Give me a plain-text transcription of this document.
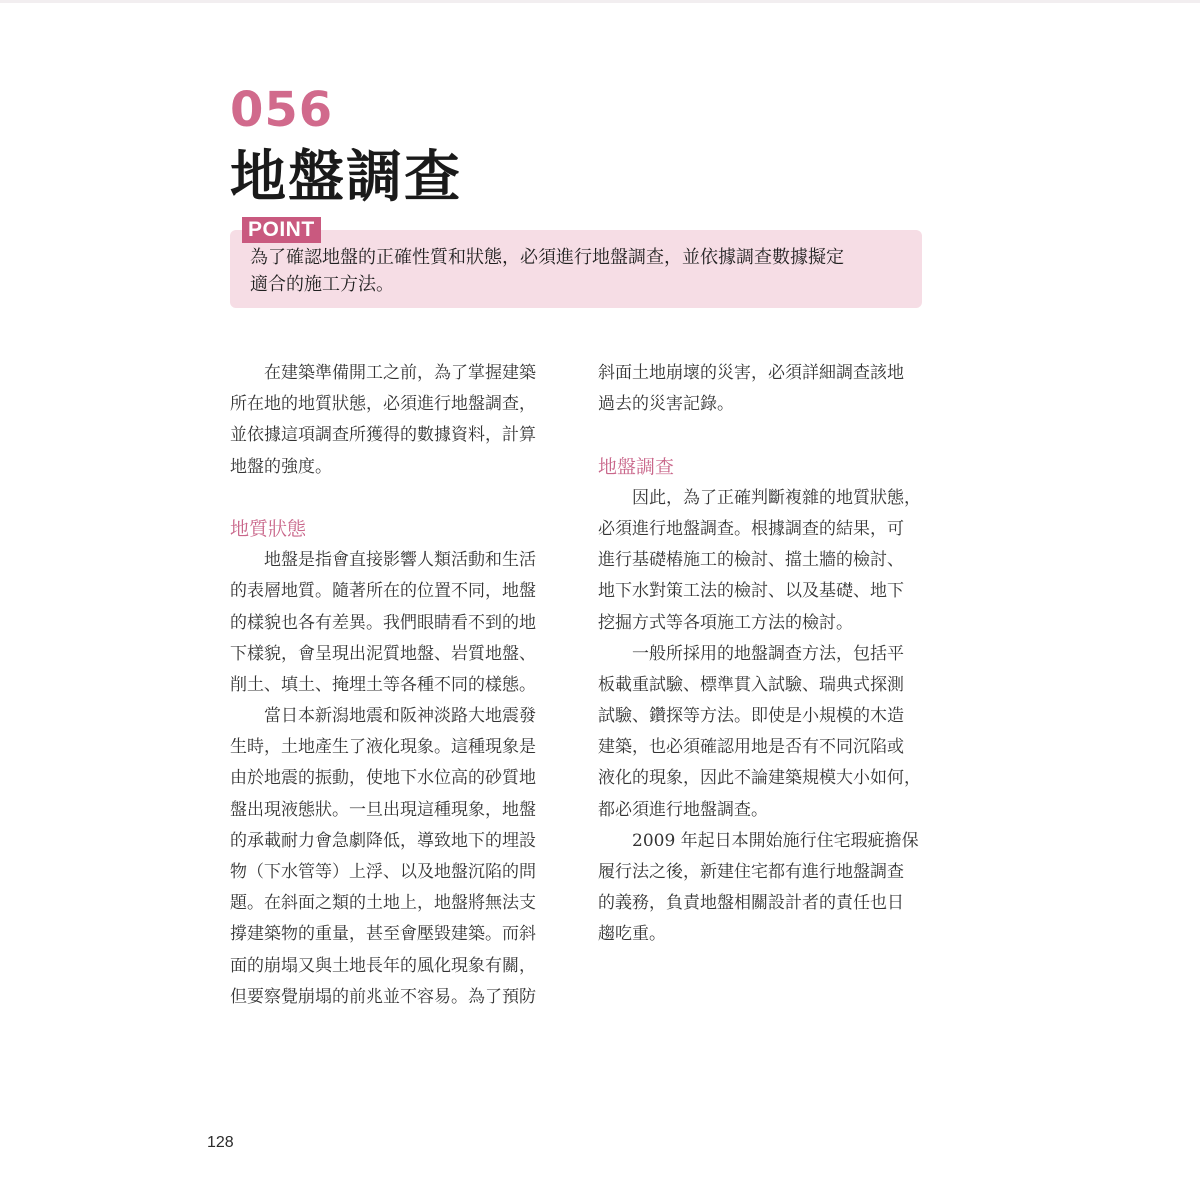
056
地盤調查
POINT
為了確認地盤的正確性質和狀態，必須進行地盤調查，並依據調查數據擬定
適合的施工方法。
　　在建築準備開工之前，為了掌握建築
所在地的地質狀態，必須進行地盤調查，
並依據這項調查所獲得的數據資料，計算
地盤的強度。
地質狀態
　　地盤是指會直接影響人類活動和生活
的表層地質。隨著所在的位置不同，地盤
的樣貌也各有差異。我們眼睛看不到的地
下樣貌，會呈現出泥質地盤、岩質地盤、
削土、填土、掩埋土等各種不同的樣態。
　　當日本新潟地震和阪神淡路大地震發
生時，土地產生了液化現象。這種現象是
由於地震的振動，使地下水位高的砂質地
盤出現液態狀。一旦出現這種現象，地盤
的承載耐力會急劇降低，導致地下的埋設
物（下水管等）上浮、以及地盤沉陷的問
題。在斜面之類的土地上，地盤將無法支
撐建築物的重量，甚至會壓毀建築。而斜
面的崩塌又與土地長年的風化現象有關，
但要察覺崩塌的前兆並不容易。為了預防
斜面土地崩壞的災害，必須詳細調查該地
過去的災害記錄。
地盤調查
　　因此，為了正確判斷複雜的地質狀態，
必須進行地盤調查。根據調查的結果，可
進行基礎樁施工的檢討、擋土牆的檢討、
地下水對策工法的檢討、以及基礎、地下
挖掘方式等各項施工方法的檢討。
　　一般所採用的地盤調查方法，包括平
板載重試驗、標準貫入試驗、瑞典式探測
試驗、鑽探等方法。即使是小規模的木造
建築，也必須確認用地是否有不同沉陷或
液化的現象，因此不論建築規模大小如何，
都必須進行地盤調查。
　　2009 年起日本開始施行住宅瑕疵擔保
履行法之後，新建住宅都有進行地盤調查
的義務，負責地盤相關設計者的責任也日
趨吃重。
128
